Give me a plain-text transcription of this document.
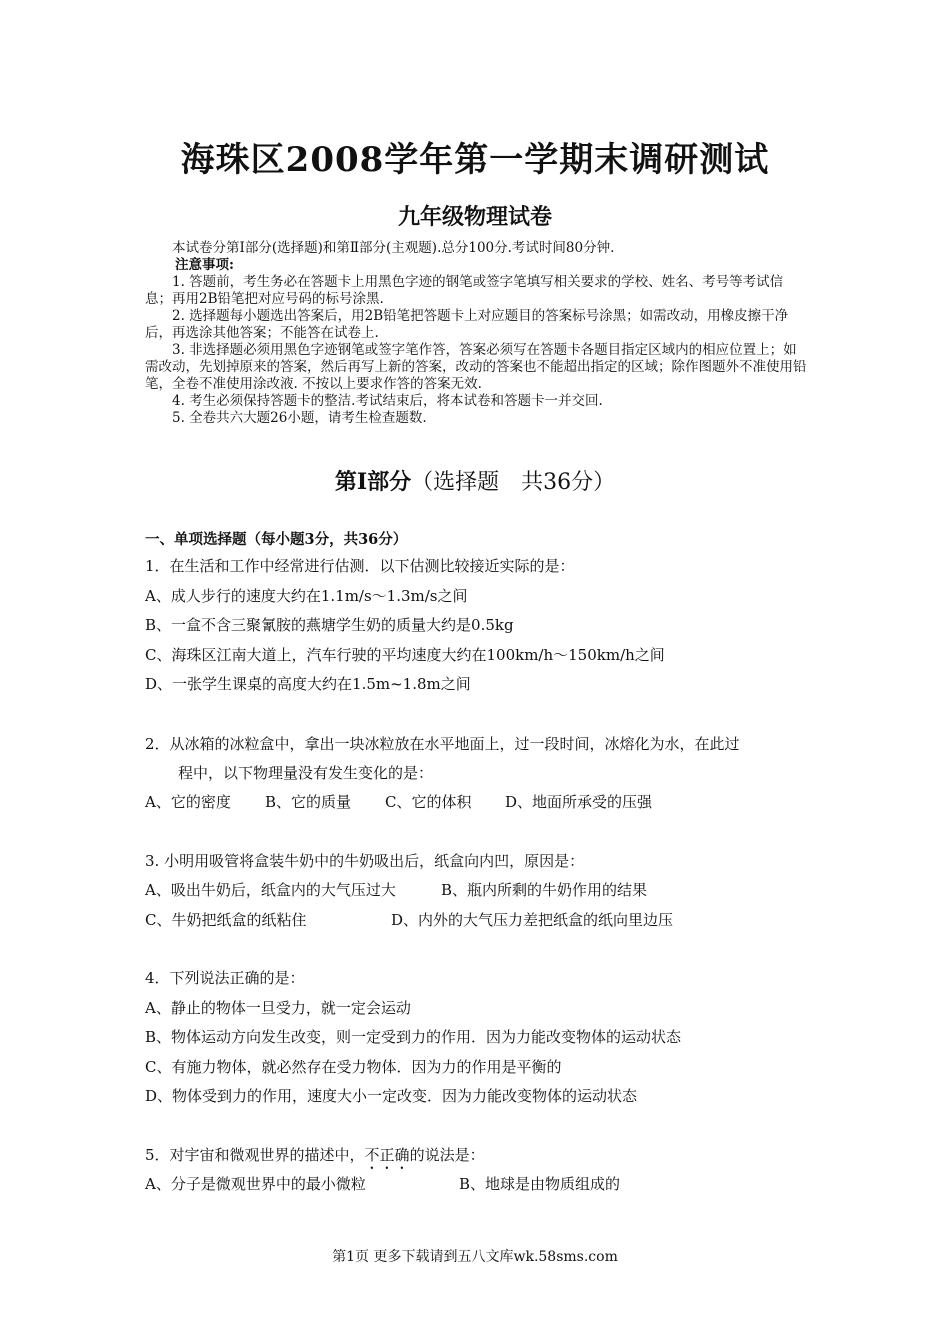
海珠区2008学年第一学期末调研测试
九年级物理试卷

本试卷分第Ⅰ部分(选择题)和第Ⅱ部分(主观题).总分100分.考试时间80分钟.

注意事项:

1. 答题前，考生务必在答题卡上用黑色字迹的钢笔或签字笔填写相关要求的学校、姓名、考号等考试信息；再用2B铅笔把对应号码的标号涂黑.

2. 选择题每小题选出答案后，用2B铅笔把答题卡上对应题目的答案标号涂黑；如需改动，用橡皮擦干净后，再选涂其他答案；不能答在试卷上.

3. 非选择题必须用黑色字迹钢笔或签字笔作答，答案必须写在答题卡各题目指定区域内的相应位置上；如需改动，先划掉原来的答案，然后再写上新的答案，改动的答案也不能超出指定的区域；除作图题外不准使用铅笔，全卷不准使用涂改液. 不按以上要求作答的答案无效.

4. 考生必须保持答题卡的整洁.考试结束后，将本试卷和答题卡一并交回.

5. 全卷共六大题26小题，请考生检查题数.

第Ⅰ部分（选择题　共36分）
一、单项选择题（每小题3分，共36分）
1．在生活和工作中经常进行估测．以下估测比较接近实际的是：
A、成人步行的速度大约在1.1m/s～1.3m/s之间
B、一盒不含三聚氰胺的燕塘学生奶的质量大约是0.5kg
C、海珠区江南大道上，汽车行驶的平均速度大约在100km/h～150km/h之间
D、一张学生课桌的高度大约在1.5m~1.8m之间
2．从冰箱的冰粒盒中，拿出一块冰粒放在水平地面上，过一段时间，冰熔化为水，在此过
程中，以下物理量没有发生变化的是：
A、它的密度 B、它的质量 C、它的体积 D、地面所承受的压强
3. 小明用吸管将盒装牛奶中的牛奶吸出后，纸盒向内凹，原因是：
A、吸出牛奶后，纸盒内的大气压过大	B、瓶内所剩的牛奶作用的结果
C、牛奶把纸盒的纸粘住	D、内外的大气压力差把纸盒的纸向里边压
4．下列说法正确的是：
A、静止的物体一旦受力，就一定会运动
B、物体运动方向发生改变，则一定受到力的作用．因为力能改变物体的运动状态
C、有施力物体，就必然存在受力物体．因为力的作用是平衡的
D、物体受到力的作用，速度大小一定改变．因为力能改变物体的运动状态
5．对宇宙和微观世界的描述中，不正确的说法是：
A、分子是微观世界中的最小微粒	B、地球是由物质组成的
第1页 更多下载请到五八文库wk.58sms.com
